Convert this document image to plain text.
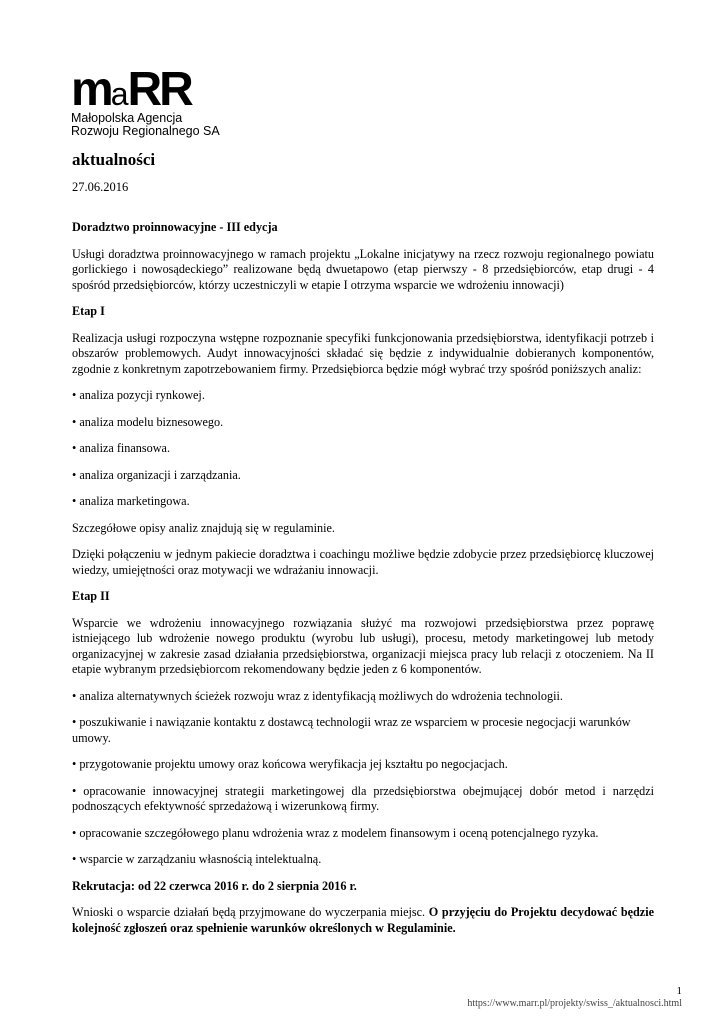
maRR
Małopolska Agencja
Rozwoju Regionalnego SA
aktualności
27.06.2016

Doradztwo proinnowacyjne - III edycja

Usługi doradztwa proinnowacyjnego w ramach projektu „Lokalne inicjatywy na rzecz rozwoju regionalnego powiatu gorlickiego i nowosądeckiego” realizowane będą dwuetapowo (etap pierwszy - 8 przedsiębiorców, etap drugi - 4 spośród przedsiębiorców, którzy uczestniczyli w etapie I otrzyma wsparcie we wdrożeniu innowacji)

Etap I

Realizacja usługi rozpoczyna wstępne rozpoznanie specyfiki funkcjonowania przedsiębiorstwa, identyfikacji potrzeb i obszarów problemowych. Audyt innowacyjności składać się będzie z indywidualnie dobieranych komponentów, zgodnie z konkretnym zapotrzebowaniem firmy. Przedsiębiorca będzie mógł wybrać trzy spośród poniższych analiz:

• analiza pozycji rynkowej.

• analiza modelu biznesowego.

• analiza finansowa.

• analiza organizacji i zarządzania.

• analiza marketingowa.

Szczegółowe opisy analiz znajdują się w regulaminie.

Dzięki połączeniu w jednym pakiecie doradztwa i coachingu możliwe będzie zdobycie przez przedsiębiorcę kluczowej wiedzy, umiejętności oraz motywacji we wdrażaniu innowacji.

Etap II

Wsparcie we wdrożeniu innowacyjnego rozwiązania służyć ma rozwojowi przedsiębiorstwa przez poprawę istniejącego lub wdrożenie nowego produktu (wyrobu lub usługi), procesu, metody marketingowej lub metody organizacyjnej w zakresie zasad działania przedsiębiorstwa, organizacji miejsca pracy lub relacji z otoczeniem. Na II etapie wybranym przedsiębiorcom rekomendowany będzie jeden z 6 komponentów.

• analiza alternatywnych ścieżek rozwoju wraz z identyfikacją możliwych do wdrożenia technologii.

• poszukiwanie i nawiązanie kontaktu z dostawcą technologii wraz ze wsparciem w procesie negocjacji warunków umowy.

• przygotowanie projektu umowy oraz końcowa weryfikacja jej kształtu po negocjacjach.

• opracowanie innowacyjnej strategii marketingowej dla przedsiębiorstwa obejmującej dobór metod i narzędzi podnoszących efektywność sprzedażową i wizerunkową firmy.

• opracowanie szczegółowego planu wdrożenia wraz z modelem finansowym i oceną potencjalnego ryzyka.

• wsparcie w zarządzaniu własnością intelektualną.

Rekrutacja: od 22 czerwca 2016 r. do 2 sierpnia 2016 r.

Wnioski o wsparcie działań będą przyjmowane do wyczerpania miejsc. O przyjęciu do Projektu decydować będzie kolejność zgłoszeń oraz spełnienie warunków określonych w Regulaminie.

1
https://www.marr.pl/projekty/swiss_/aktualnosci.html
